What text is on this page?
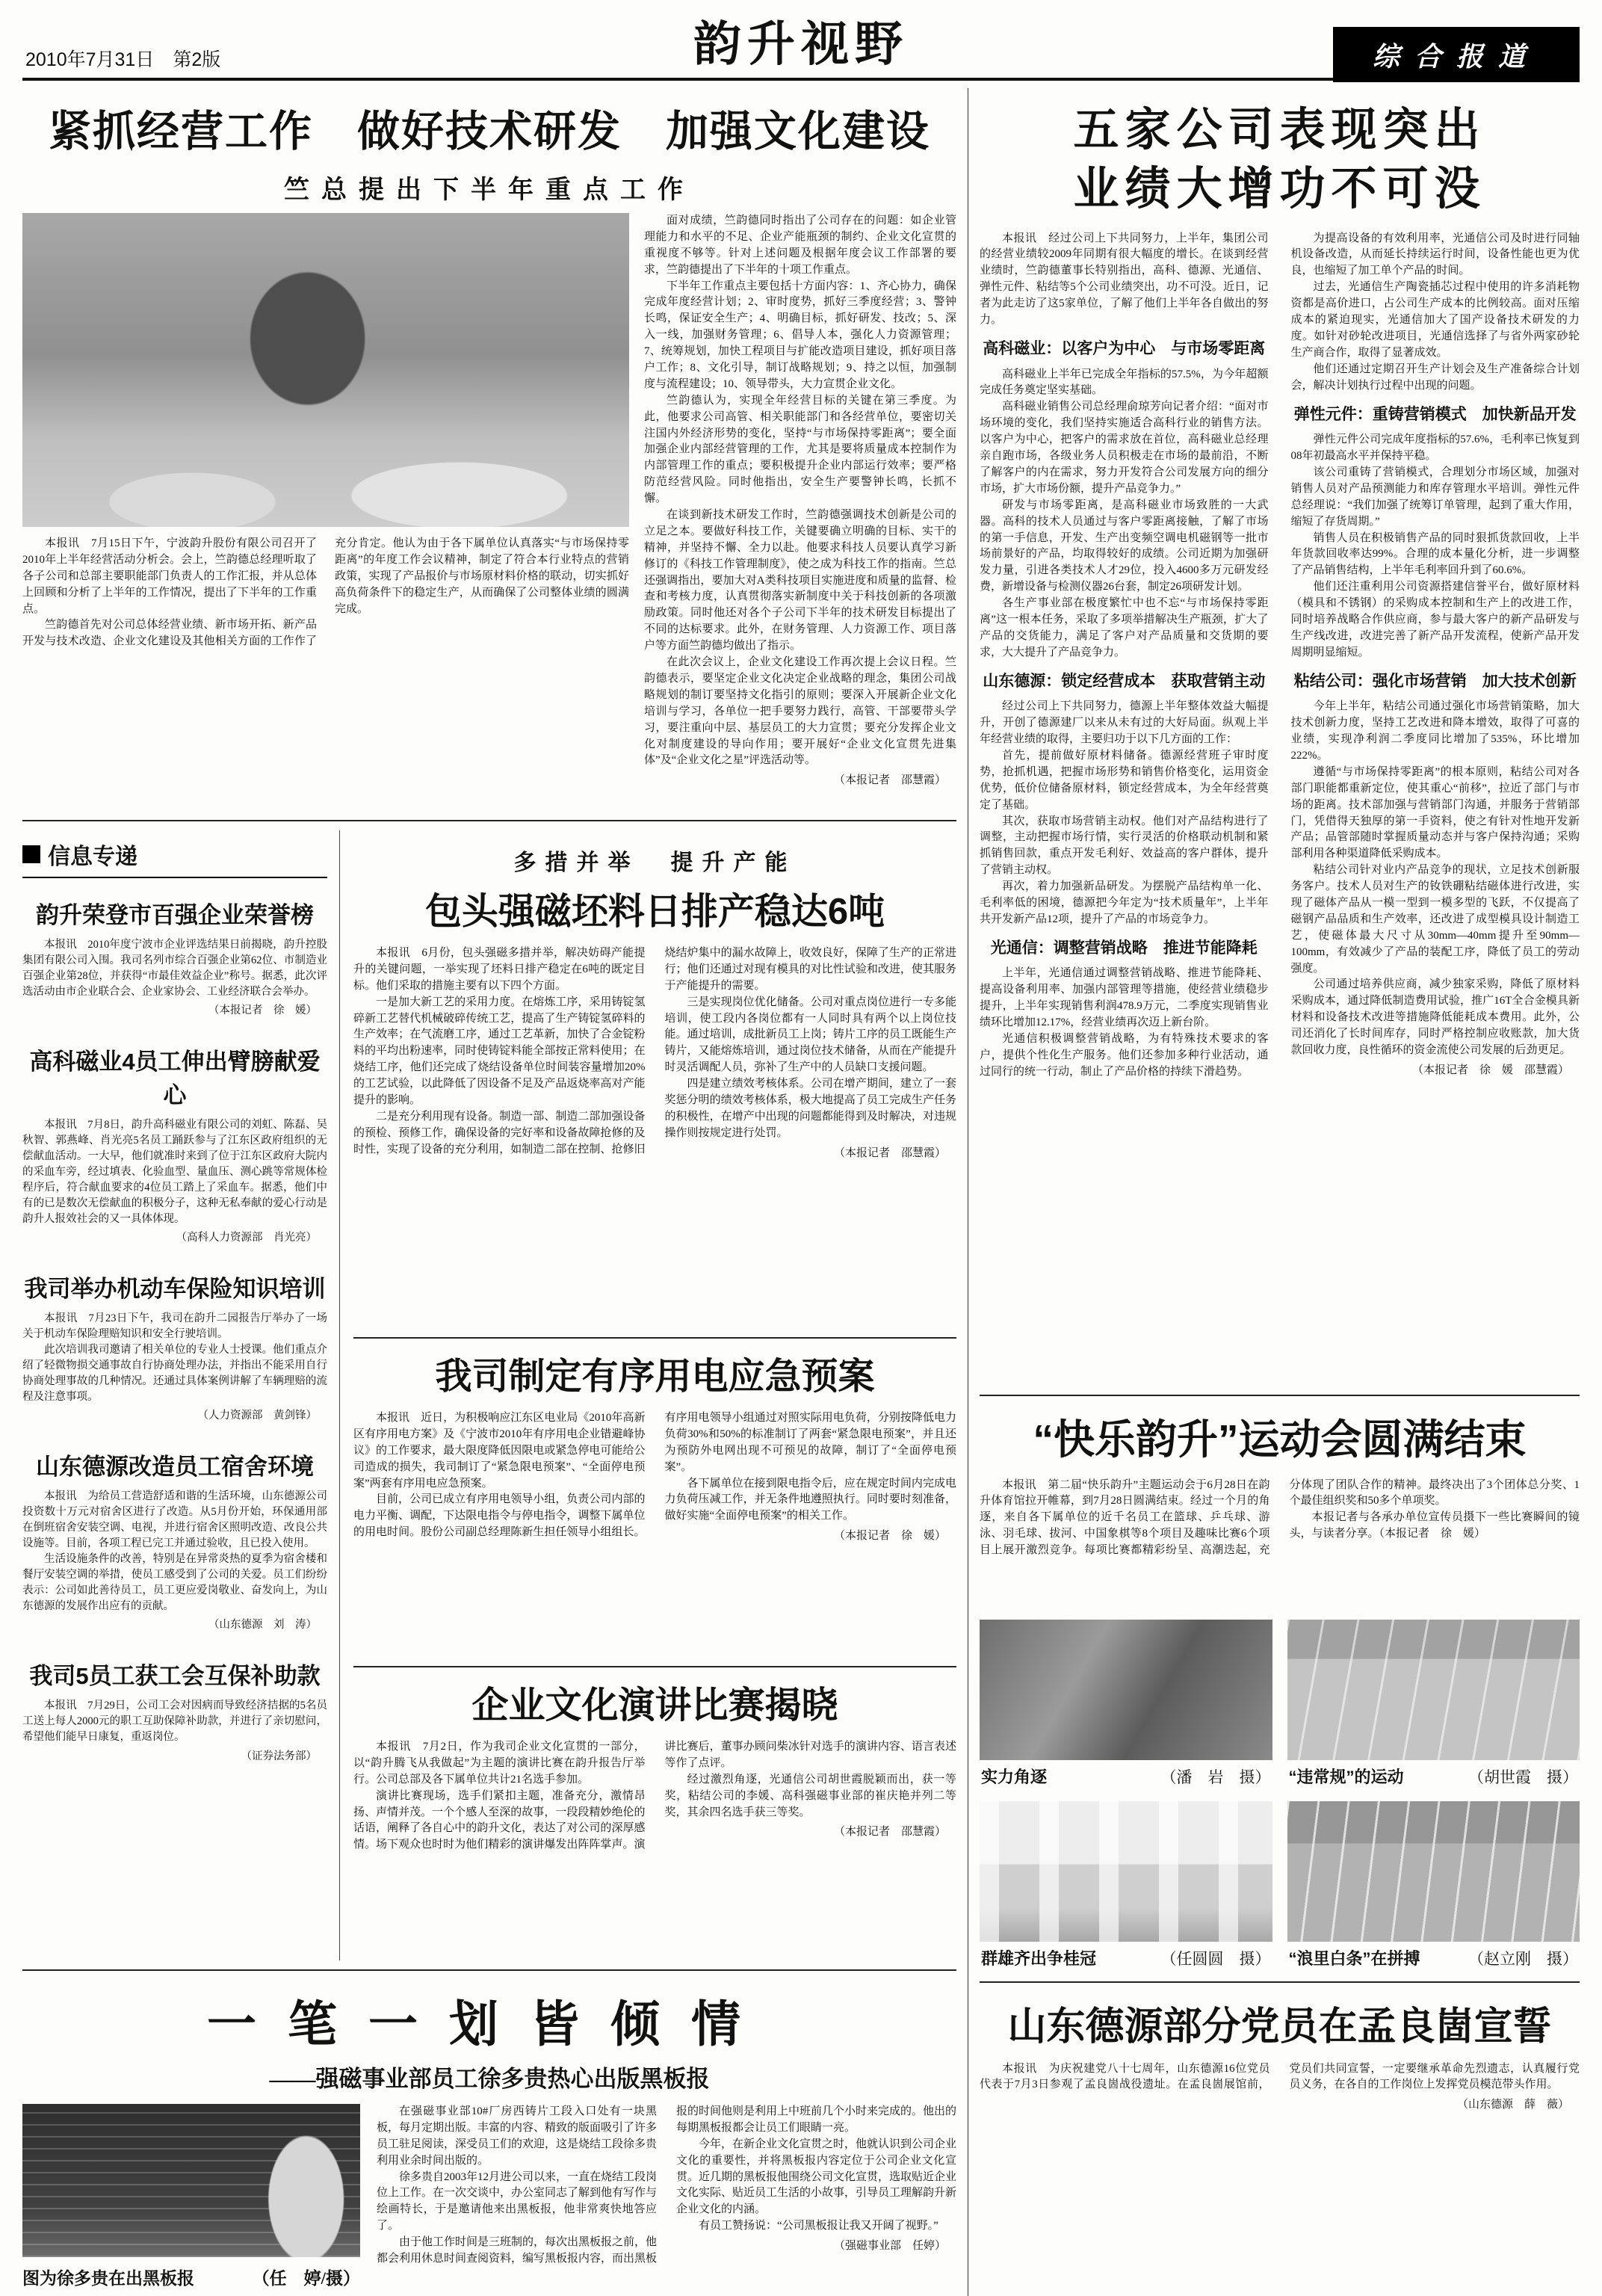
2010年7月31日　第2版	韵升视野	综合报道
紧抓经营工作　做好技术研发　加强文化建设
竺总提出下半年重点工作

本报讯　7月15日下午，宁波韵升股份有限公司召开了2010年上半年经营活动分析会。会上，竺韵德总经理听取了各子公司和总部主要职能部门负责人的工作汇报，并从总体上回顾和分析了上半年的工作情况，提出了下半年的工作重点。

竺韵德首先对公司总体经营业绩、新市场开拓、新产品开发与技术改造、企业文化建设及其他相关方面的工作作了充分肯定。他认为由于各下属单位认真落实“与市场保持零距离”的年度工作会议精神，制定了符合本行业特点的营销政策，实现了产品报价与市场原材料价格的联动，切实抓好高负荷条件下的稳定生产，从而确保了公司整体业绩的圆满完成。

面对成绩，竺韵德同时指出了公司存在的问题：如企业管理能力和水平的不足、企业产能瓶颈的制约、企业文化宣贯的重视度不够等。针对上述问题及根据年度会议工作部署的要求，竺韵德提出了下半年的十项工作重点。

下半年工作重点主要包括十方面内容：1、齐心协力，确保完成年度经营计划；2、审时度势，抓好三季度经营；3、警钟长鸣，保证安全生产；4、明确目标，抓好研发、技改；5、深入一线，加强财务管理；6、倡导人本，强化人力资源管理；7、统筹规划，加快工程项目与扩能改造项目建设，抓好项目落户工作；8、文化引导，制订战略规划；9、持之以恒，加强制度与流程建设；10、领导带头，大力宣贯企业文化。

竺韵德认为，实现全年经营目标的关键在第三季度。为此，他要求公司高管、相关职能部门和各经营单位，要密切关注国内外经济形势的变化，坚持“与市场保持零距离”；要全面加强企业内部经营管理的工作，尤其是要将质量成本控制作为内部管理工作的重点；要积极提升企业内部运行效率；要严格防范经营风险。同时他指出，安全生产要警钟长鸣，长抓不懈。

在谈到新技术研发工作时，竺韵德强调技术创新是公司的立足之本。要做好科技工作，关键要确立明确的目标、实干的精神，并坚持不懈、全力以赴。他要求科技人员要认真学习新修订的《科技工作管理制度》，使之成为科技工作的指南。竺总还强调指出，要加大对A类科技项目实施进度和质量的监督、检查和考核力度，认真贯彻落实新制度中关于科技创新的各项激励政策。同时他还对各个子公司下半年的技术研发目标提出了不同的达标要求。此外，在财务管理、人力资源工作、项目落户等方面竺韵德均做出了指示。

在此次会议上，企业文化建设工作再次提上会议日程。竺韵德表示，要坚定企业文化决定企业战略的理念，集团公司战略规划的制订要坚持文化指引的原则；要深入开展新企业文化培训与学习，各单位一把手要努力践行，高管、干部要带头学习，要注重向中层、基层员工的大力宣贯；要充分发挥企业文化对制度建设的导向作用；要开展好“企业文化宣贯先进集体”及“企业文化之星”评选活动等。

（本报记者　邵慧霞）
信息专递
韵升荣登市百强企业荣誉榜

本报讯　2010年度宁波市企业评选结果日前揭晓，韵升控股集团有限公司入围。我司名列市综合百强企业第62位、市制造业百强企业第28位，并获得“市最佳效益企业”称号。据悉，此次评选活动由市企业联合会、企业家协会、工业经济联合会举办。

（本报记者　徐　媛）
高科磁业4员工伸出臂膀献爱心

本报讯　7月8日，韵升高科磁业有限公司的刘虹、陈磊、吴秋智、郭燕峰、肖光亮5名员工踊跃参与了江东区政府组织的无偿献血活动。一大早，他们就准时来到了位于江东区政府大院内的采血车旁，经过填表、化验血型、量血压、测心跳等常规体检程序后，符合献血要求的4位员工踏上了采血车。据悉，他们中有的已是数次无偿献血的积极分子，这种无私奉献的爱心行动是韵升人报效社会的又一具体体现。

（高科人力资源部　肖光亮）
我司举办机动车保险知识培训

本报讯　7月23日下午，我司在韵升二园报告厅举办了一场关于机动车保险理赔知识和安全行驶培训。

此次培训我司邀请了相关单位的专业人士授课。他们重点介绍了轻微物损交通事故自行协商处理办法，并指出不能采用自行协商处理事故的几种情况。还通过具体案例讲解了车辆理赔的流程及注意事项。

（人力资源部　黄剑锋）
山东德源改造员工宿舍环境

本报讯　为给员工营造舒适和谐的生活环境，山东德源公司投资数十万元对宿舍区进行了改造。从5月份开始，环保通用部在倒班宿舍安装空调、电视，并进行宿舍区照明改造、改良公共设施等。目前，各项工程已完工并通过验收，且已投入使用。

生活设施条件的改善，特别是在异常炎热的夏季为宿舍楼和餐厅安装空调的举措，使员工感受到了公司的关爱。员工们纷纷表示：公司如此善待员工，员工更应爱岗敬业、奋发向上，为山东德源的发展作出应有的贡献。

（山东德源　刘　涛）
我司5员工获工会互保补助款

本报讯　7月29日，公司工会对因病而导致经济拮据的5名员工送上每人2000元的职工互助保障补助款，并进行了亲切慰问，希望他们能早日康复，重返岗位。

（证券法务部）
多措并举　提升产能
包头强磁坯料日排产稳达6吨

本报讯　6月份，包头强磁多措并举，解决妨碍产能提升的关键问题，一举实现了坯料日排产稳定在6吨的既定目标。他们采取的措施主要有以下四个方面。

一是加大新工艺的采用力度。在熔炼工序，采用铸锭氢碎新工艺替代机械破碎传统工艺，提高了生产铸锭氢碎料的生产效率；在气流磨工序，通过工艺革新，加快了合金锭粉料的平均出粉速率，同时使铸锭料能全部按正常料使用；在烧结工序，他们还完成了烧结设备单位时间装容量增加20%的工艺试验，以此降低了因设备不足及产品返烧率高对产能提升的影响。

二是充分利用现有设备。制造一部、制造二部加强设备的预检、预修工作，确保设备的完好率和设备故障抢修的及时性，实现了设备的充分利用，如制造二部在控制、抢修旧烧结炉集中的漏水故障上，收效良好，保障了生产的正常进行；他们还通过对现有模具的对比性试验和改进，使其服务于产能提升的需要。

三是实现岗位优化储备。公司对重点岗位进行一专多能培训，使工段内各岗位都有一人同时具有两个以上岗位技能。通过培训，成批新员工上岗；铸片工序的员工既能生产铸片，又能熔炼培训，通过岗位技术储备，从而在产能提升时灵活调配人员，弥补了生产中的人员缺口支援问题。

四是建立绩效考核体系。公司在增产期间，建立了一套奖惩分明的绩效考核体系，极大地提高了员工完成生产任务的积极性，在增产中出现的问题都能得到及时解决，对违规操作则按规定进行处罚。

（本报记者　邵慧霞）
我司制定有序用电应急预案

本报讯　近日，为积极响应江东区电业局《2010年高新区有序用电方案》及《宁波市2010年有序用电企业错避峰协议》的工作要求，最大限度降低因限电或紧急停电可能给公司造成的损失，我司制订了“紧急限电预案”、“全面停电预案”两套有序用电应急预案。

目前，公司已成立有序用电领导小组，负责公司内部的电力平衡、调配，下达限电指令与停电指令，调整下属单位的用电时间。股份公司副总经理陈新生担任领导小组组长。有序用电领导小组通过对照实际用电负荷，分别按降低电力负荷30%和50%的标准制订了两套“紧急限电预案”，并且还为预防外电网出现不可预见的故障，制订了“全面停电预案”。

各下属单位在接到限电指令后，应在规定时间内完成电力负荷压减工作，并无条件地遵照执行。同时要时刻准备，做好实施“全面停电预案”的相关工作。

（本报记者　徐　媛）
企业文化演讲比赛揭晓

本报讯　7月2日，作为我司企业文化宣贯的一部分，以“韵升腾飞从我做起”为主题的演讲比赛在韵升报告厅举行。公司总部及各下属单位共计21名选手参加。

演讲比赛现场，选手们紧扣主题，准备充分，激情昂扬、声情并茂。一个个感人至深的故事，一段段精妙绝伦的话语，阐释了各自心中的韵升文化，表达了对公司的深厚感情。场下观众也时时为他们精彩的演讲爆发出阵阵掌声。演讲比赛后，董事办顾问柴冰针对选手的演讲内容、语言表述等作了点评。

经过激烈角逐，光通信公司胡世霞脱颖而出，获一等奖，粘结公司的李媛、高科强磁事业部的崔庆艳并列二等奖，其余四名选手获三等奖。

（本报记者　邵慧霞）
一笔一划皆倾情
——强磁事业部员工徐多贵热心出版黑板报
图为徐多贵在出黑板报	（任　婷/摄）

在强磁事业部10#厂房西铸片工段入口处有一块黑板，每月定期出版。丰富的内容、精致的版面吸引了许多员工驻足阅读，深受员工们的欢迎，这是烧结工段徐多贵利用业余时间出版的。

徐多贵自2003年12月进公司以来，一直在烧结工段岗位上工作。在一次交谈中，办公室同志了解到他有写作与绘画特长，于是邀请他来出黑板报，他非常爽快地答应了。

由于他工作时间是三班制的，每次出黑板报之前，他都会利用休息时间查阅资料，编写黑板报内容，而出黑板报的时间他则是利用上中班前几个小时来完成的。他出的每期黑板报都会让员工们眼睛一亮。

今年，在新企业文化宣贯之时，他就认识到公司企业文化的重要性，并将黑板报内容定位于公司企业文化宣贯。近几期的黑板报他围绕公司文化宣贯，选取贴近企业文化实际、贴近员工生活的小故事，引导员工理解韵升新企业文化的内涵。

有员工赞扬说：“公司黑板报让我又开阔了视野。”

（强磁事业部　任婷）
五家公司表现突出
业绩大增功不可没

本报讯　经过公司上下共同努力，上半年，集团公司的经营业绩较2009年同期有很大幅度的增长。在谈到经营业绩时，竺韵德董事长特别指出，高科、德源、光通信、弹性元件、粘结等5个公司业绩突出，功不可没。近日，记者为此走访了这5家单位，了解了他们上半年各自做出的努力。

高科磁业：以客户为中心　与市场零距离

高科磁业上半年已完成全年指标的57.5%，为今年超额完成任务奠定坚实基础。

高科磁业销售公司总经理俞琼芳向记者介绍：“面对市场环境的变化，我们坚持实施适合高科行业的销售方法。以客户为中心，把客户的需求放在首位，高科磁业总经理亲自跑市场，各级业务人员积极走在市场的最前沿，不断了解客户的内在需求，努力开发符合公司发展方向的细分市场，扩大市场份额，提升产品竞争力。”

研发与市场零距离，是高科磁业市场致胜的一大武器。高科的技术人员通过与客户零距离接触，了解了市场的第一手信息，开发、生产出变频空调电机磁钢等一批市场前景好的产品，均取得较好的成绩。公司近期为加强研发力量，引进各类技术人才29位，投入4600多万元研发经费，新增设备与检测仪器26台套，制定26项研发计划。

各生产事业部在极度繁忙中也不忘“与市场保持零距离”这一根本任务，采取了多项举措解决生产瓶颈，扩大了产品的交货能力，满足了客户对产品质量和交货期的要求，大大提升了产品竞争力。

山东德源：锁定经营成本　获取营销主动

经过公司上下共同努力，德源上半年整体效益大幅提升，开创了德源建厂以来从未有过的大好局面。纵观上半年经营业绩的取得，主要归功于以下几方面的工作：

首先，提前做好原材料储备。德源经营班子审时度势，抢抓机遇，把握市场形势和销售价格变化，运用资金优势，低价位储备原材料，锁定经营成本，为全年经营奠定了基础。

其次，获取市场营销主动权。他们对产品结构进行了调整，主动把握市场行情，实行灵活的价格联动机制和紧抓销售回款，重点开发毛利好、效益高的客户群体，提升了营销主动权。

再次，着力加强新品研发。为摆脱产品结构单一化、毛利率低的困境，德源把今年定为“技术质量年”，上半年共开发新产品12项，提升了产品的市场竞争力。

光通信：调整营销战略　推进节能降耗

上半年，光通信通过调整营销战略、推进节能降耗、提高设备利用率、加强内部管理等措施，使经营业绩稳步提升，上半年实现销售利润478.9万元，二季度实现销售业绩环比增加12.17%，经营业绩再次迈上新台阶。

光通信积极调整营销战略，为有特殊技术要求的客户，提供个性化生产服务。他们还参加多种行业活动，通过同行的统一行动，制止了产品价格的持续下滑趋势。

为提高设备的有效利用率，光通信公司及时进行同轴机设备改造，从而延长持续运行时间，设备性能也更为优良，也缩短了加工单个产品的时间。

过去，光通信生产陶瓷插芯过程中使用的许多消耗物资都是高价进口，占公司生产成本的比例较高。面对压缩成本的紧迫现实，光通信加大了国产设备技术研发的力度。如针对砂轮改进项目，光通信选择了与省外两家砂轮生产商合作，取得了显著成效。

他们还通过定期召开生产计划会及生产准备综合计划会，解决计划执行过程中出现的问题。

弹性元件：重铸营销模式　加快新品开发

弹性元件公司完成年度指标的57.6%，毛利率已恢复到08年初最高水平并保持平稳。

该公司重铸了营销模式，合理划分市场区域，加强对销售人员对产品预测能力和库存管理水平培训。弹性元件总经理说：“我们加强了统筹订单管理，起到了重大作用，缩短了存货周期。”

销售人员在积极销售产品的同时狠抓货款回收，上半年货款回收率达99%。合理的成本量化分析，进一步调整了产品销售结构，上半年毛利率回升到了60.6%。

他们还注重利用公司资源搭建信誉平台，做好原材料（模具和不锈钢）的采购成本控制和生产上的改进工作，同时培养战略合作供应商，参与最大客户的新产品研发与生产线改进，改进完善了新产品开发流程，使新产品开发周期明显缩短。

粘结公司：强化市场营销　加大技术创新

今年上半年，粘结公司通过强化市场营销策略，加大技术创新力度，坚持工艺改进和降本增效，取得了可喜的业绩，实现净利润二季度同比增加了535%，环比增加222%。

遵循“与市场保持零距离”的根本原则，粘结公司对各部门职能都重新定位，使其重心“前移”，拉近了部门与市场的距离。技术部加强与营销部门沟通，并服务于营销部门，凭借得天独厚的第一手资料，使之有针对性地开发新产品；品管部随时掌握质量动态并与客户保持沟通；采购部利用各种渠道降低采购成本。

粘结公司针对业内产品竞争的现状，立足技术创新服务客户。技术人员对生产的钕铁硼粘结磁体进行改进，实现了磁体产品从一模一型到一模多型的飞跃，不仅提高了磁钢产品品质和生产效率，还改进了成型模具设计制造工艺，使磁体最大尺寸从30mm—40mm提升至90mm—100mm，有效减少了产品的装配工序，降低了员工的劳动强度。

公司通过培养供应商，减少独家采购，降低了原材料采购成本，通过降低制造费用试验，推广16T全合金模具新材料和设备技术改进等措施降低能耗成本费用。此外，公司还消化了长时间库存，同时严格控制应收账款，加大货款回收力度，良性循环的资金流使公司发展的后劲更足。

（本报记者　徐　媛　邵慧霞）
“快乐韵升”运动会圆满结束

本报讯　第二届“快乐韵升”主题运动会于6月28日在韵升体育馆拉开帷幕，到7月28日圆满结束。经过一个月的角逐，来自各下属单位的近千名员工在篮球、乒乓球、游泳、羽毛球、拔河、中国象棋等8个项目及趣味比赛6个项目上展开激烈竞争。每项比赛都精彩纷呈、高潮迭起，充分体现了团队合作的精神。最终决出了3个团体总分奖、1个最佳组织奖和50多个单项奖。

本报记者与各承办单位宣传员摄下一些比赛瞬间的镜头，与读者分享。（本报记者　徐　媛）

实力角逐	（潘　岩　摄） “违常规”的运动	（胡世霞　摄）
群雄齐出争桂冠	（任圆圆　摄） “浪里白条”在拼搏	（赵立刚　摄）
山东德源部分党员在孟良崮宣誓

本报讯　为庆祝建党八十七周年，山东德源16位党员代表于7月3日参观了孟良崮战役遗址。在孟良崮展馆前，党员们共同宣誓，一定要继承革命先烈遗志，认真履行党员义务，在各自的工作岗位上发挥党员模范带头作用。

（山东德源　薛　薇）
